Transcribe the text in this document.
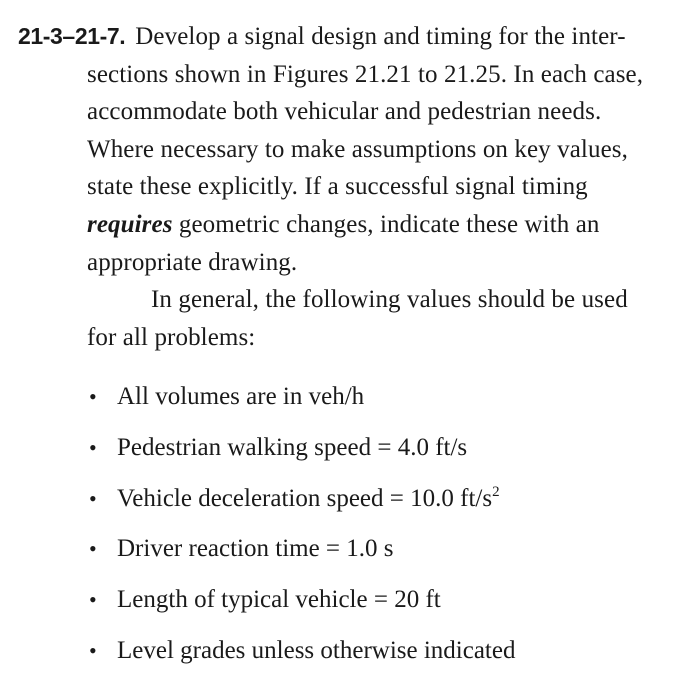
21-3–21-7. Develop a signal design and timing for the inter-
sections shown in Figures 21.21 to 21.25. In each case,
accommodate both vehicular and pedestrian needs.
Where necessary to make assumptions on key values,
state these explicitly. If a successful signal timing
requires geometric changes, indicate these with an
appropriate drawing.
In general, the following values should be used
for all problems:
• All volumes are in veh/h
• Pedestrian walking speed = 4.0 ft/s
• Vehicle deceleration speed = 10.0 $ft/s^2$
• Driver reaction time = 1.0 s
• Length of typical vehicle = 20 ft
• Level grades unless otherwise indicated
